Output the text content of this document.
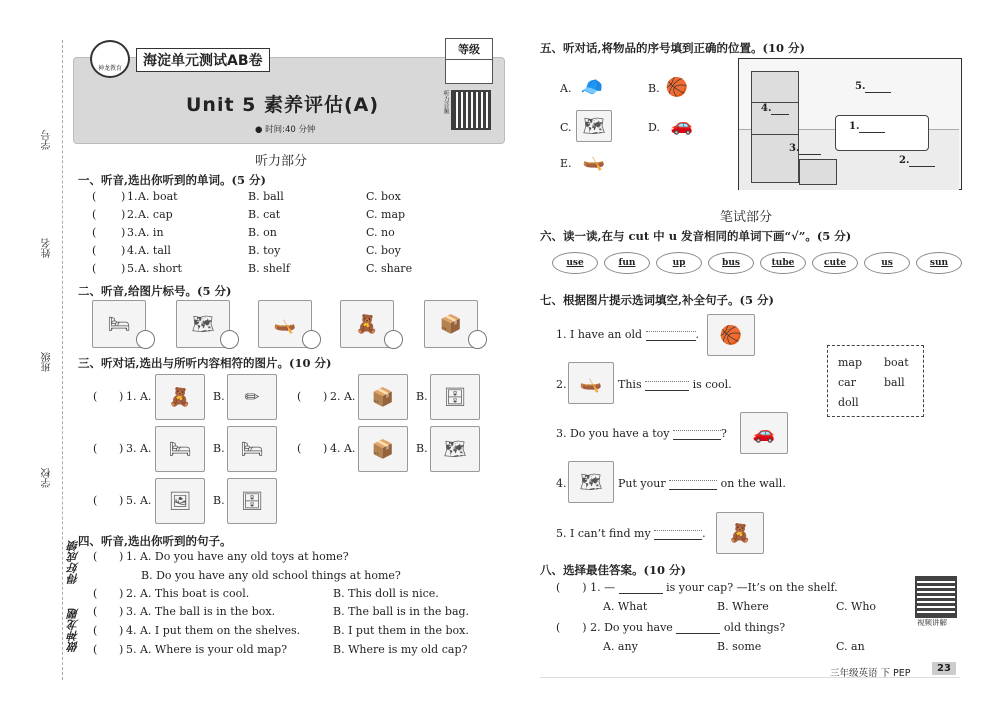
学号
姓名
班级
学校
得好成绩
做神龙题
神龙教育	海淀单元测试AB卷
Unit 5 素养评估(A)
● 时间:40 分钟
等级
听力音频
听力部分
一、听音,选出你听到的单词。(5 分)
( ) 1. A. boat	B. ball	C. box
( ) 2. A. cap	B. cat	C. map
( ) 3. A. in	B. on	C. no
( ) 4. A. tall	B. toy	C. boy
( ) 5. A. short	B. shelf	C. share
二、听音,给图片标号。(5 分)
🛏	🗺	🛶	🧸	📦
三、听对话,选出与所听内容相符的图片。(10 分)
( ) 1. A. 🧸	B.	✏	( ) 2. A. 📦	B. 🗄
( ) 3. A. 🛏	B. 🛏	( ) 4. A. 📦	B. 🗺
( ) 5. A. 🖼	B. 🗄
四、听音,选出你听到的句子。
( ) 1. A. Do you have any old toys at home?
B. Do you have any old school things at home?
( ) 2. A. This boat is cool.	B. This doll is nice.
( ) 3. A. The ball is in the box.	B. The ball is in the bag.
( ) 4. A. I put them on the shelves.	B. I put them in the box.
( ) 5. A. Where is your old map?	B. Where is my old cap?
五、听对话,将物品的序号填到正确的位置。(10 分)
A. 🧢	B. 🏀
C. 🗺	D. 🚗
E. 🛶
4.
5.
1.
3.
2.
笔试部分
六、读一读,在与 cut 中 u 发音相同的单词下画“√”。(5 分)
use	fun	up	bus	tube	cute	us	sun
七、根据图片提示选词填空,补全句子。(5 分)
1. I have an old	.	🏀
2. 🛶	This	is cool.
3. Do you have a toy	?	🚗
4. 🗺	Put your	on the wall.
5. I can’t find my	.	🧸
map boat
car	ball
doll
八、选择最佳答案。(10 分)
( ) 1. —	is your cap? —It’s on the shelf.
A. What	B. Where	C. Who
( ) 2. Do you have	old things?
A. any	B. some	C. an
视频讲解
三年级英语 下 PEP	23
